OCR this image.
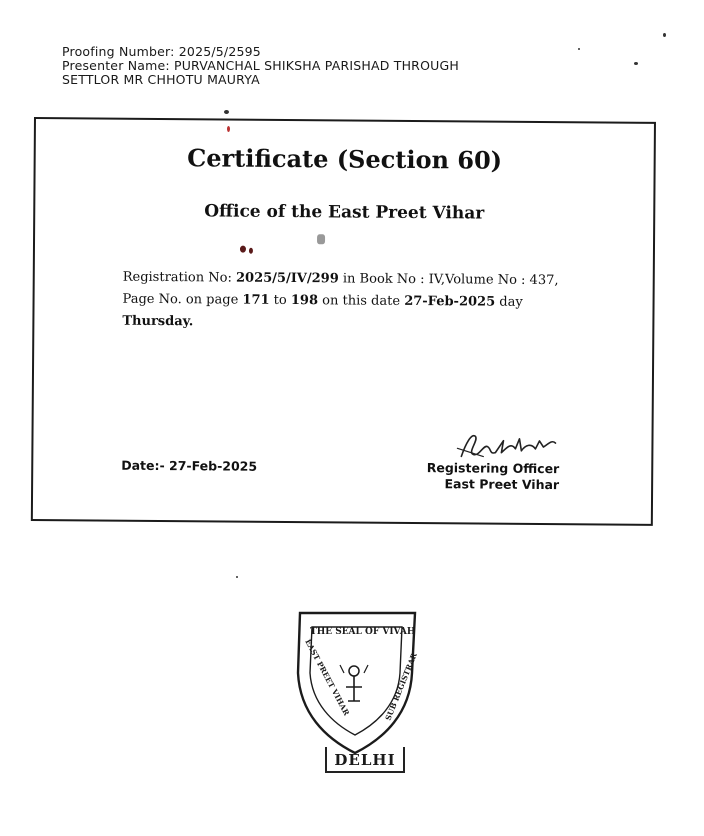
Proofing Number: 2025/5/2595
Presenter Name: PURVANCHAL SHIKSHA PARISHAD THROUGH
SETTLOR MR CHHOTU MAURYA
Certificate (Section 60)
Office of the East Preet Vihar
Registration No: 2025/5/IV/299 in Book No : IV,Volume No : 437,
Page No. on page 171 to 198 on this date 27-Feb-2025 day
Thursday.
Date:- 27-Feb-2025	Registering Officer
East Preet Vihar
THE SEAL OF VIVAH
EAST PREET VIHAR	SUB REGISTRAR
DELHI
